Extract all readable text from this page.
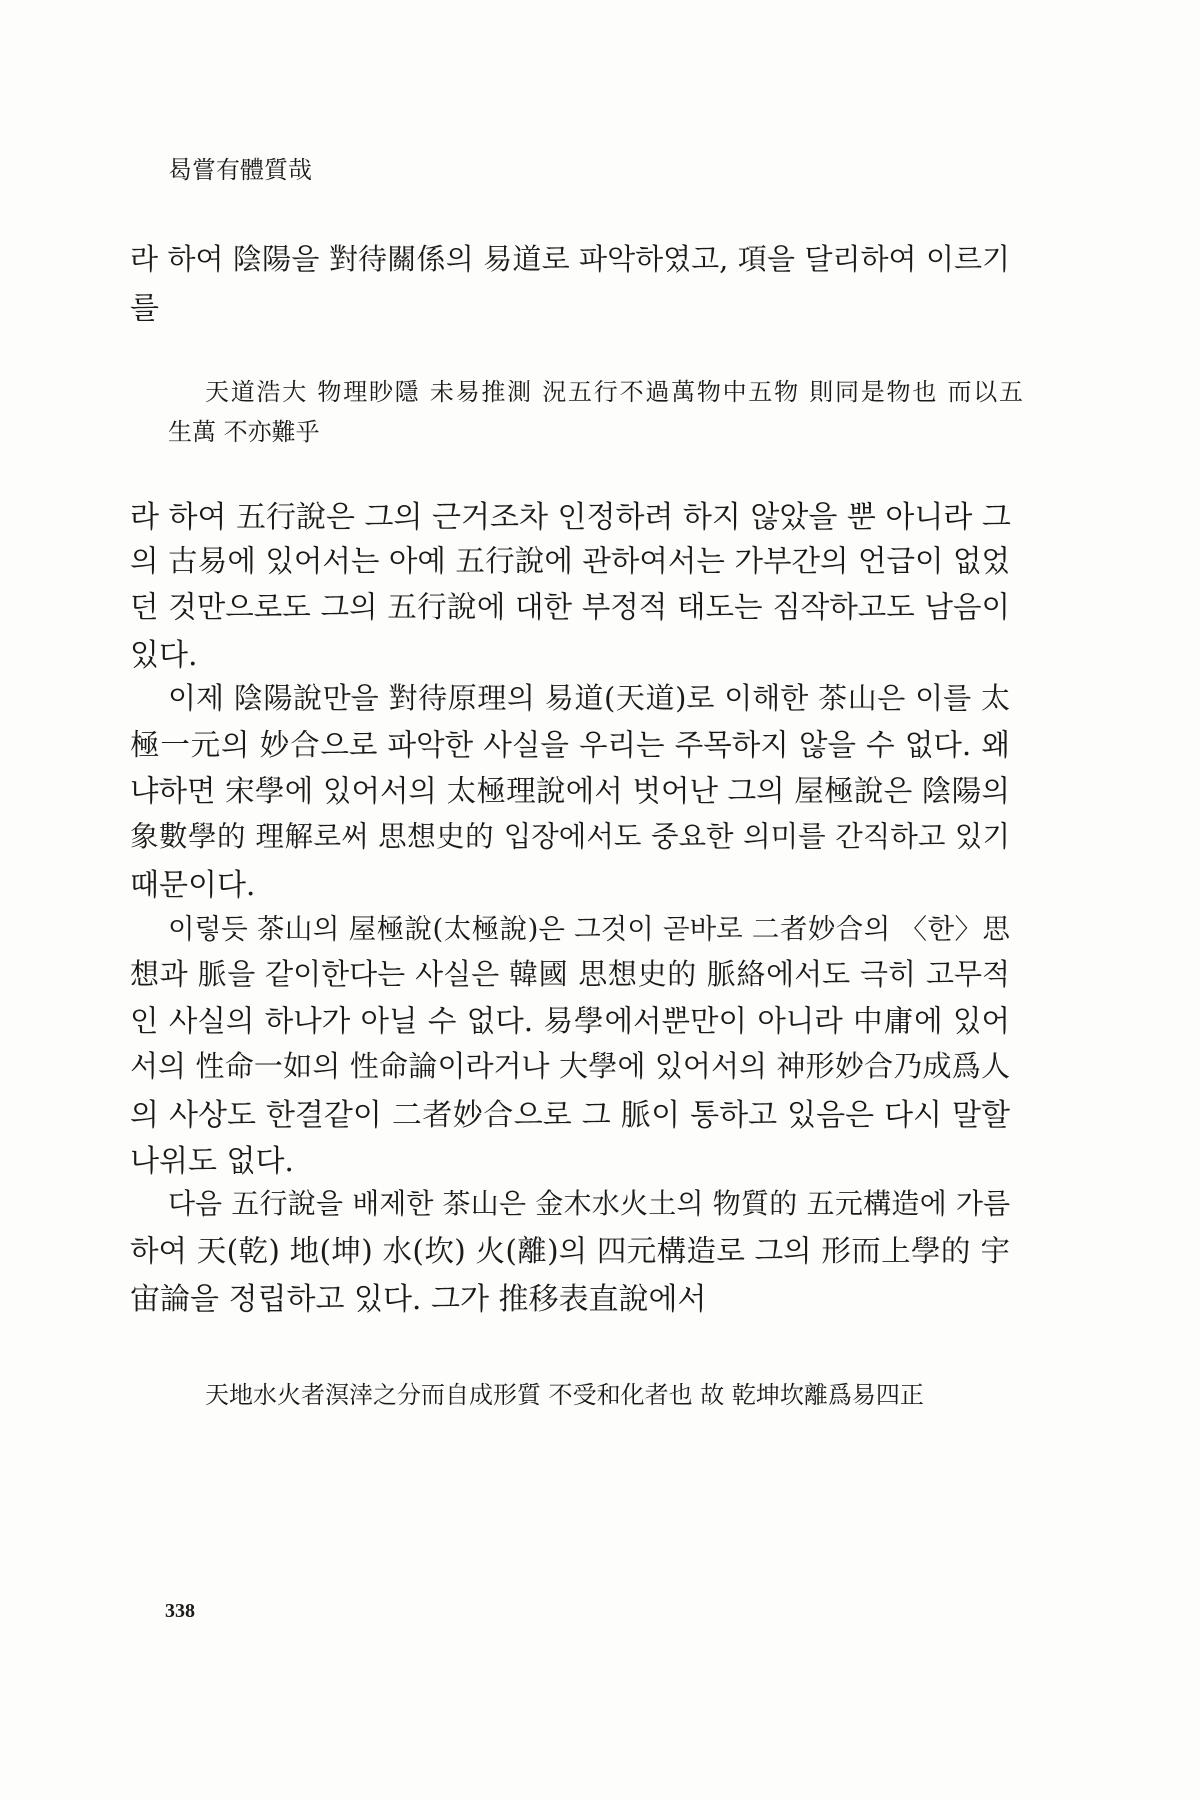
曷嘗有體質哉
라 하여 陰陽을 對待關係의 易道로 파악하였고, 項을 달리하여 이르기
를
天道浩大 物理眇隱 未易推測 況五行不過萬物中五物 則同是物也 而以五
生萬 不亦難乎
라 하여 五行說은 그의 근거조차 인정하려 하지 않았을 뿐 아니라 그
의 古易에 있어서는 아예 五行說에 관하여서는 가부간의 언급이 없었
던 것만으로도 그의 五行說에 대한 부정적 태도는 짐작하고도 남음이
있다.
이제 陰陽說만을 對待原理의 易道(天道)로 이해한 茶山은 이를 太
極一元의 妙合으로 파악한 사실을 우리는 주목하지 않을 수 없다. 왜
냐하면 宋學에 있어서의 太極理說에서 벗어난 그의 屋極說은 陰陽의
象數學的 理解로써 思想史的 입장에서도 중요한 의미를 간직하고 있기
때문이다.
이렇듯 茶山의 屋極說(太極說)은 그것이 곧바로 二者妙合의 〈한〉思
想과 脈을 같이한다는 사실은 韓國 思想史的 脈絡에서도 극히 고무적
인 사실의 하나가 아닐 수 없다. 易學에서뿐만이 아니라 中庸에 있어
서의 性命一如의 性命論이라거나 大學에 있어서의 神形妙合乃成爲人
의 사상도 한결같이 二者妙合으로 그 脈이 통하고 있음은 다시 말할
나위도 없다.
다음 五行說을 배제한 茶山은 金木水火土의 物質的 五元構造에 가름
하여 天(乾) 地(坤) 水(坎) 火(離)의 四元構造로 그의 形而上學的 宇
宙論을 정립하고 있다. 그가 推移表直說에서
天地水火者溟涬之分而自成形質 不受和化者也 故 乾坤坎離爲易四正
338
